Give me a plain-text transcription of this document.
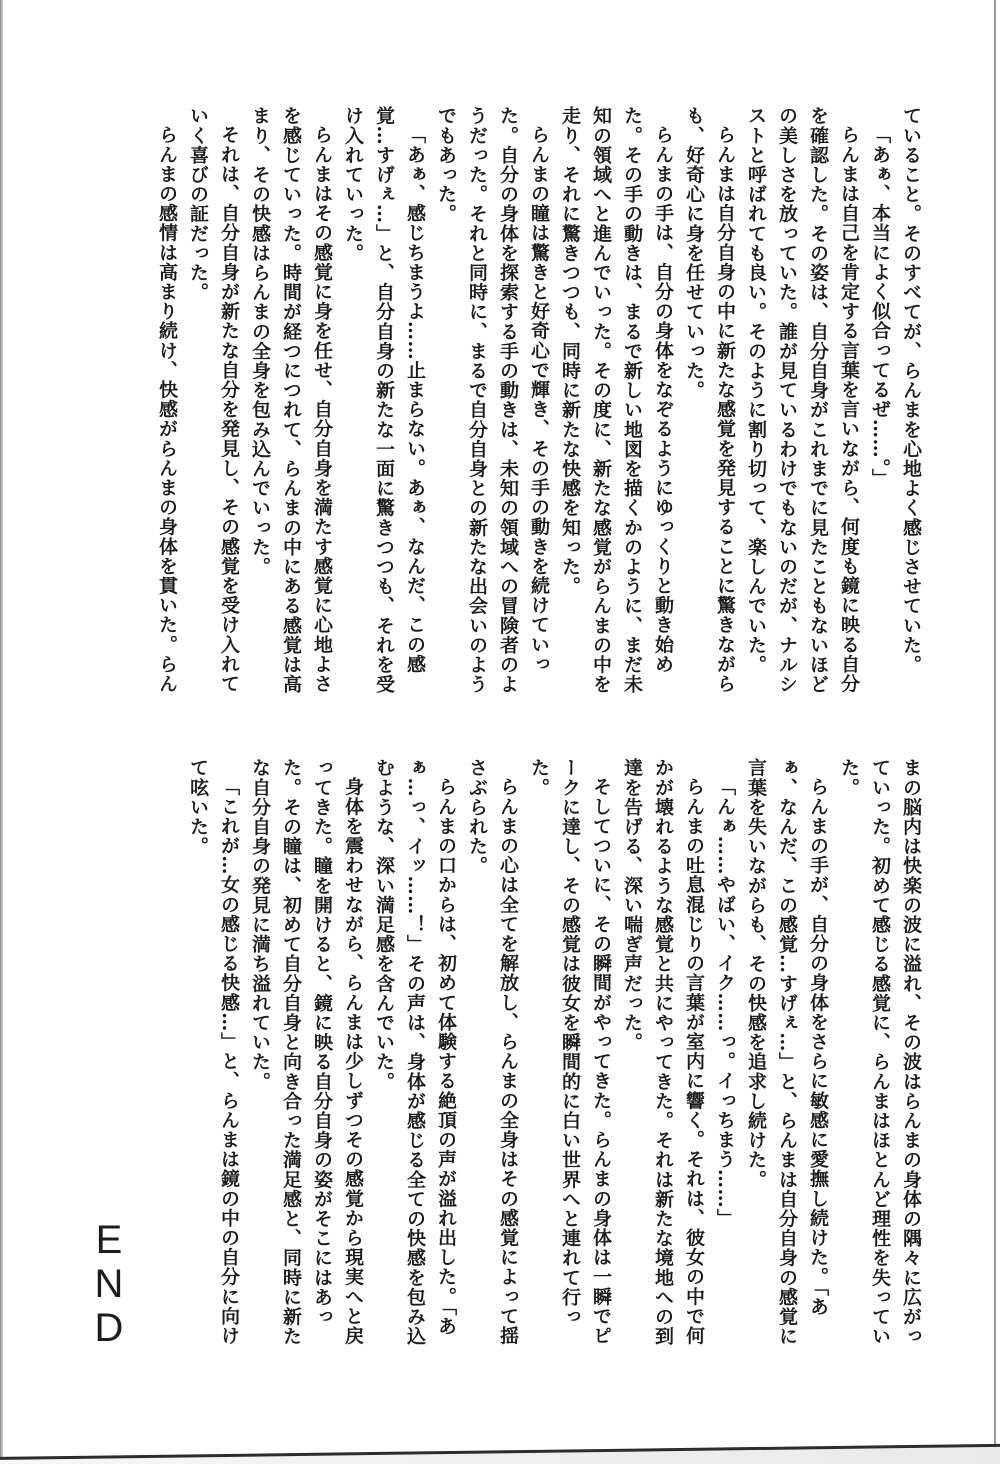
ていること。そのすべてが、らんまを心地よく感じさせていた。

「あぁ、本当によく似合ってるぜ……。」

らんまは自己を肯定する言葉を言いながら、何度も鏡に映る自分を確認した。その姿は、自分自身がこれまでに見たこともないほどの美しさを放っていた。誰が見ているわけでもないのだが、ナルシストと呼ばれても良い。そのように割り切って、楽しんでいた。

らんまは自分自身の中に新たな感覚を発見することに驚きながらも、好奇心に身を任せていった。

らんまの手は、自分の身体をなぞるようにゆっくりと動き始めた。その手の動きは、まるで新しい地図を描くかのように、まだ未知の領域へと進んでいった。その度に、新たな感覚がらんまの中を走り、それに驚きつつも、同時に新たな快感を知った。

らんまの瞳は驚きと好奇心で輝き、その手の動きを続けていった。自分の身体を探索する手の動きは、未知の領域への冒険者のようだった。それと同時に、まるで自分自身との新たな出会いのようでもあった。

「あぁ、感じちまうよ……止まらない。あぁ、なんだ、この感覚…すげぇ…」と、自分自身の新たな一面に驚きつつも、それを受け入れていった。

らんまはその感覚に身を任せ、自分自身を満たす感覚に心地よさを感じていった。時間が経つにつれて、らんまの中にある感覚は高まり、その快感はらんまの全身を包み込んでいった。

それは、自分自身が新たな自分を発見し、その感覚を受け入れていく喜びの証だった。

らんまの感情は高まり続け、快感がらんまの身体を貫いた。らん

まの脳内は快楽の波に溢れ、その波はらんまの身体の隅々に広がっていった。初めて感じる感覚に、らんまはほとんど理性を失っていた。

らんまの手が、自分の身体をさらに敏感に愛撫し続けた。「あぁ、なんだ、この感覚…すげぇ…」と、らんまは自分自身の感覚に言葉を失いながらも、その快感を追求し続けた。

「んぁ……やばい、イク……っ。イっちまう……」

らんまの吐息混じりの言葉が室内に響く。それは、彼女の中で何かが壊れるような感覚と共にやってきた。それは新たな境地への到達を告げる、深い喘ぎ声だった。

そしてついに、その瞬間がやってきた。らんまの身体は一瞬でピークに達し、その感覚は彼女を瞬間的に白い世界へと連れて行った。

らんまの心は全てを解放し、らんまの全身はその感覚によって揺さぶられた。

らんまの口からは、初めて体験する絶頂の声が溢れ出した。「あぁ…っ、イッ……！」その声は、身体が感じる全ての快感を包み込むような、深い満足感を含んでいた。

身体を震わせながら、らんまは少しずつその感覚から現実へと戻ってきた。瞳を開けると、鏡に映る自分自身の姿がそこにはあった。その瞳は、初めて自分自身と向き合った満足感と、同時に新たな自分自身の発見に満ち溢れていた。

「これが…女の感じる快感…」と、らんまは鏡の中の自分に向けて呟いた。

END
